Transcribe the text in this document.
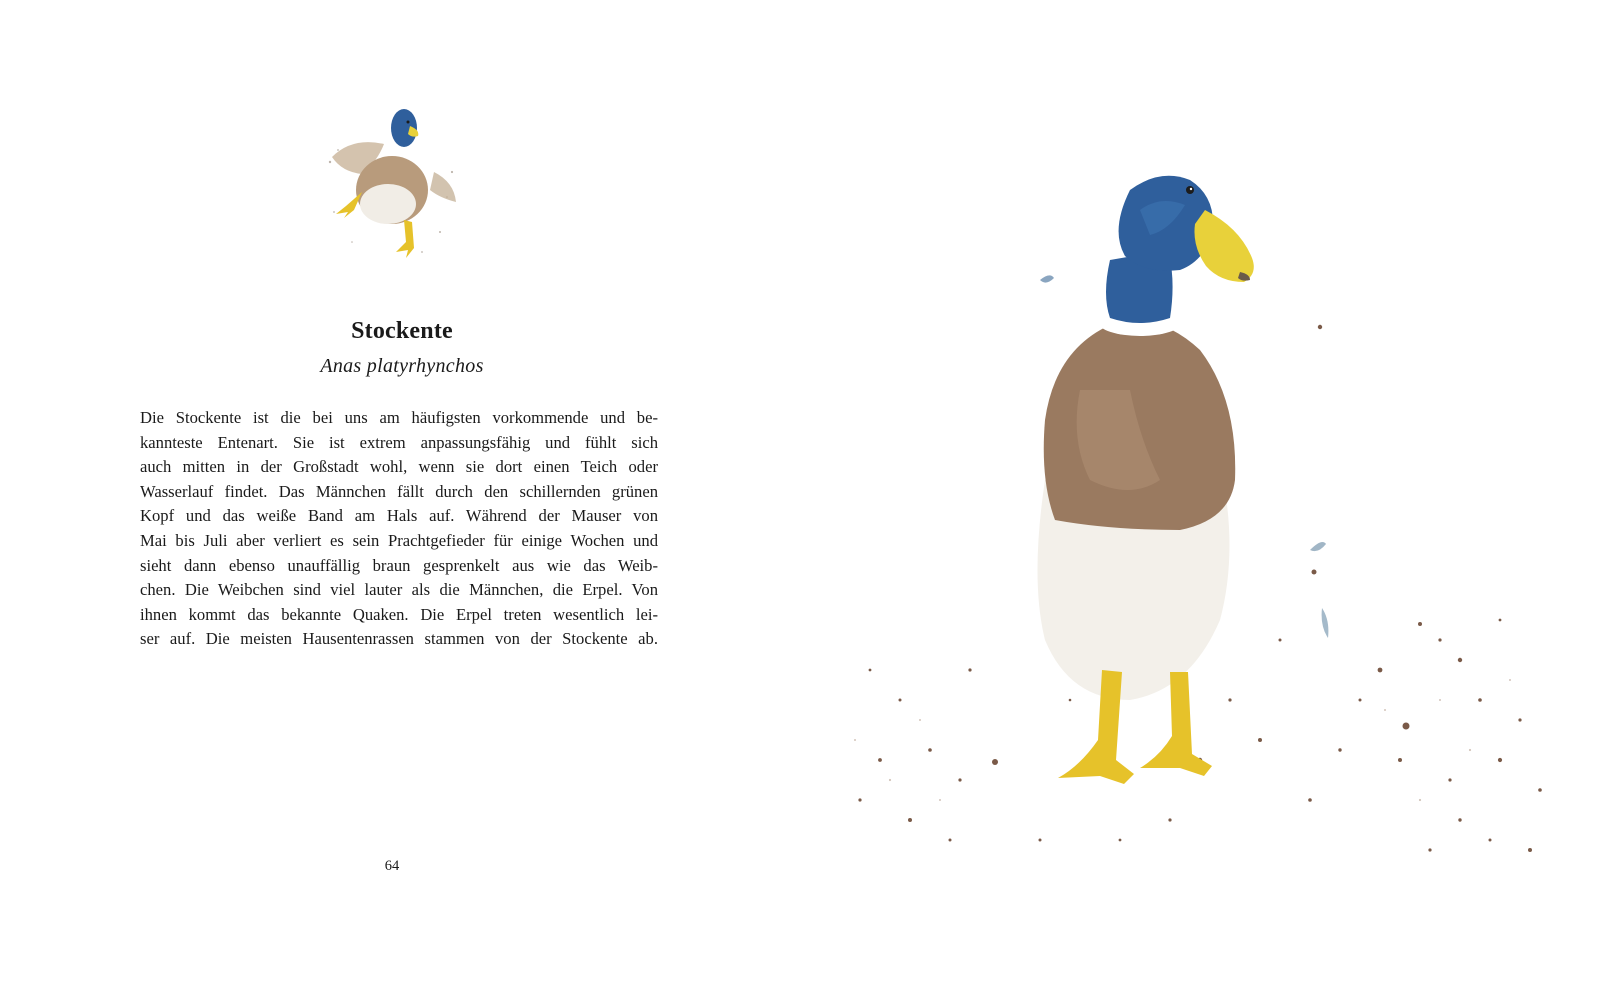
Stockente
Anas platyrhynchos
Die Stockente ist die bei uns am häufigsten vorkommende und be-
kannteste Entenart. Sie ist extrem anpassungsfähig und fühlt sich
auch mitten in der Großstadt wohl, wenn sie dort einen Teich oder
Wasserlauf findet. Das Männchen fällt durch den schillernden grünen
Kopf und das weiße Band am Hals auf. Während der Mauser von
Mai bis Juli aber verliert es sein Prachtgefieder für einige Wochen und
sieht dann ebenso unauffällig braun gesprenkelt aus wie das Weib-
chen. Die Weibchen sind viel lauter als die Männchen, die Erpel. Von
ihnen kommt das bekannte Quaken. Die Erpel treten wesentlich lei-
ser auf. Die meisten Hausentenrassen stammen von der Stockente ab.
64
